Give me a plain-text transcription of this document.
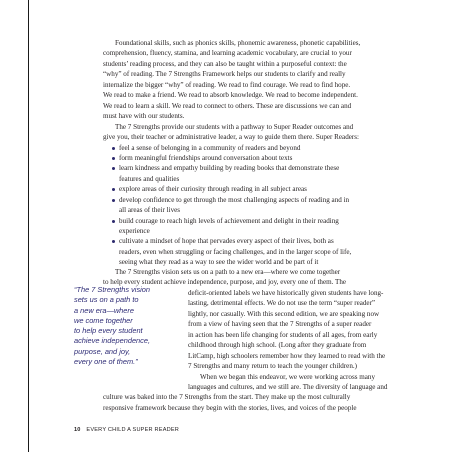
Foundational skills, such as phonics skills, phonemic awareness, phonetic capabilities,
comprehension, fluency, stamina, and learning academic vocabulary, are crucial to your
students’ reading process, and they can also be taught within a purposeful context: the
“why” of reading. The 7 Strengths Framework helps our students to clarify and really
internalize the bigger “why” of reading. We read to find courage. We read to find hope.
We read to make a friend. We read to absorb knowledge. We read to become independent.
We read to learn a skill. We read to connect to others. These are discussions we can and
must have with our students.
The 7 Strengths provide our students with a pathway to Super Reader outcomes and
give you, their teacher or administrative leader, a way to guide them there. Super Readers:
feel a sense of belonging in a community of readers and beyond
form meaningful friendships around conversation about texts
learn kindness and empathy building by reading books that demonstrate these
features and qualities
explore areas of their curiosity through reading in all subject areas
develop confidence to get through the most challenging aspects of reading and in
all areas of their lives
build courage to reach high levels of achievement and delight in their reading
experience
cultivate a mindset of hope that pervades every aspect of their lives, both as
readers, even when struggling or facing challenges, and in the larger scope of life,
seeing what they read as a way to see the wider world and be part of it
The 7 Strengths vision sets us on a path to a new era—where we come together
to help every student achieve independence, purpose, and joy, every one of them. The
“The 7 Strengths vision
sets us on a path to
a new era—where
we come together
to help every student
achieve independence,
purpose, and joy,
every one of them.”
deficit-oriented labels we have historically given students have long-
lasting, detrimental effects. We do not use the term “super reader”
lightly, nor casually. With this second edition, we are speaking now
from a view of having seen that the 7 Strengths of a super reader
in action has been life changing for students of all ages, from early
childhood through high school. (Long after they graduate from
LitCamp, high schoolers remember how they learned to read with the
7 Strengths and many return to teach the younger children.)
When we began this endeavor, we were working across many
languages and cultures, and we still are. The diversity of language and
culture was baked into the 7 Strengths from the start. They make up the most culturally
responsive framework because they begin with the stories, lives, and voices of the people
10 EVERY CHILD A SUPER READER
